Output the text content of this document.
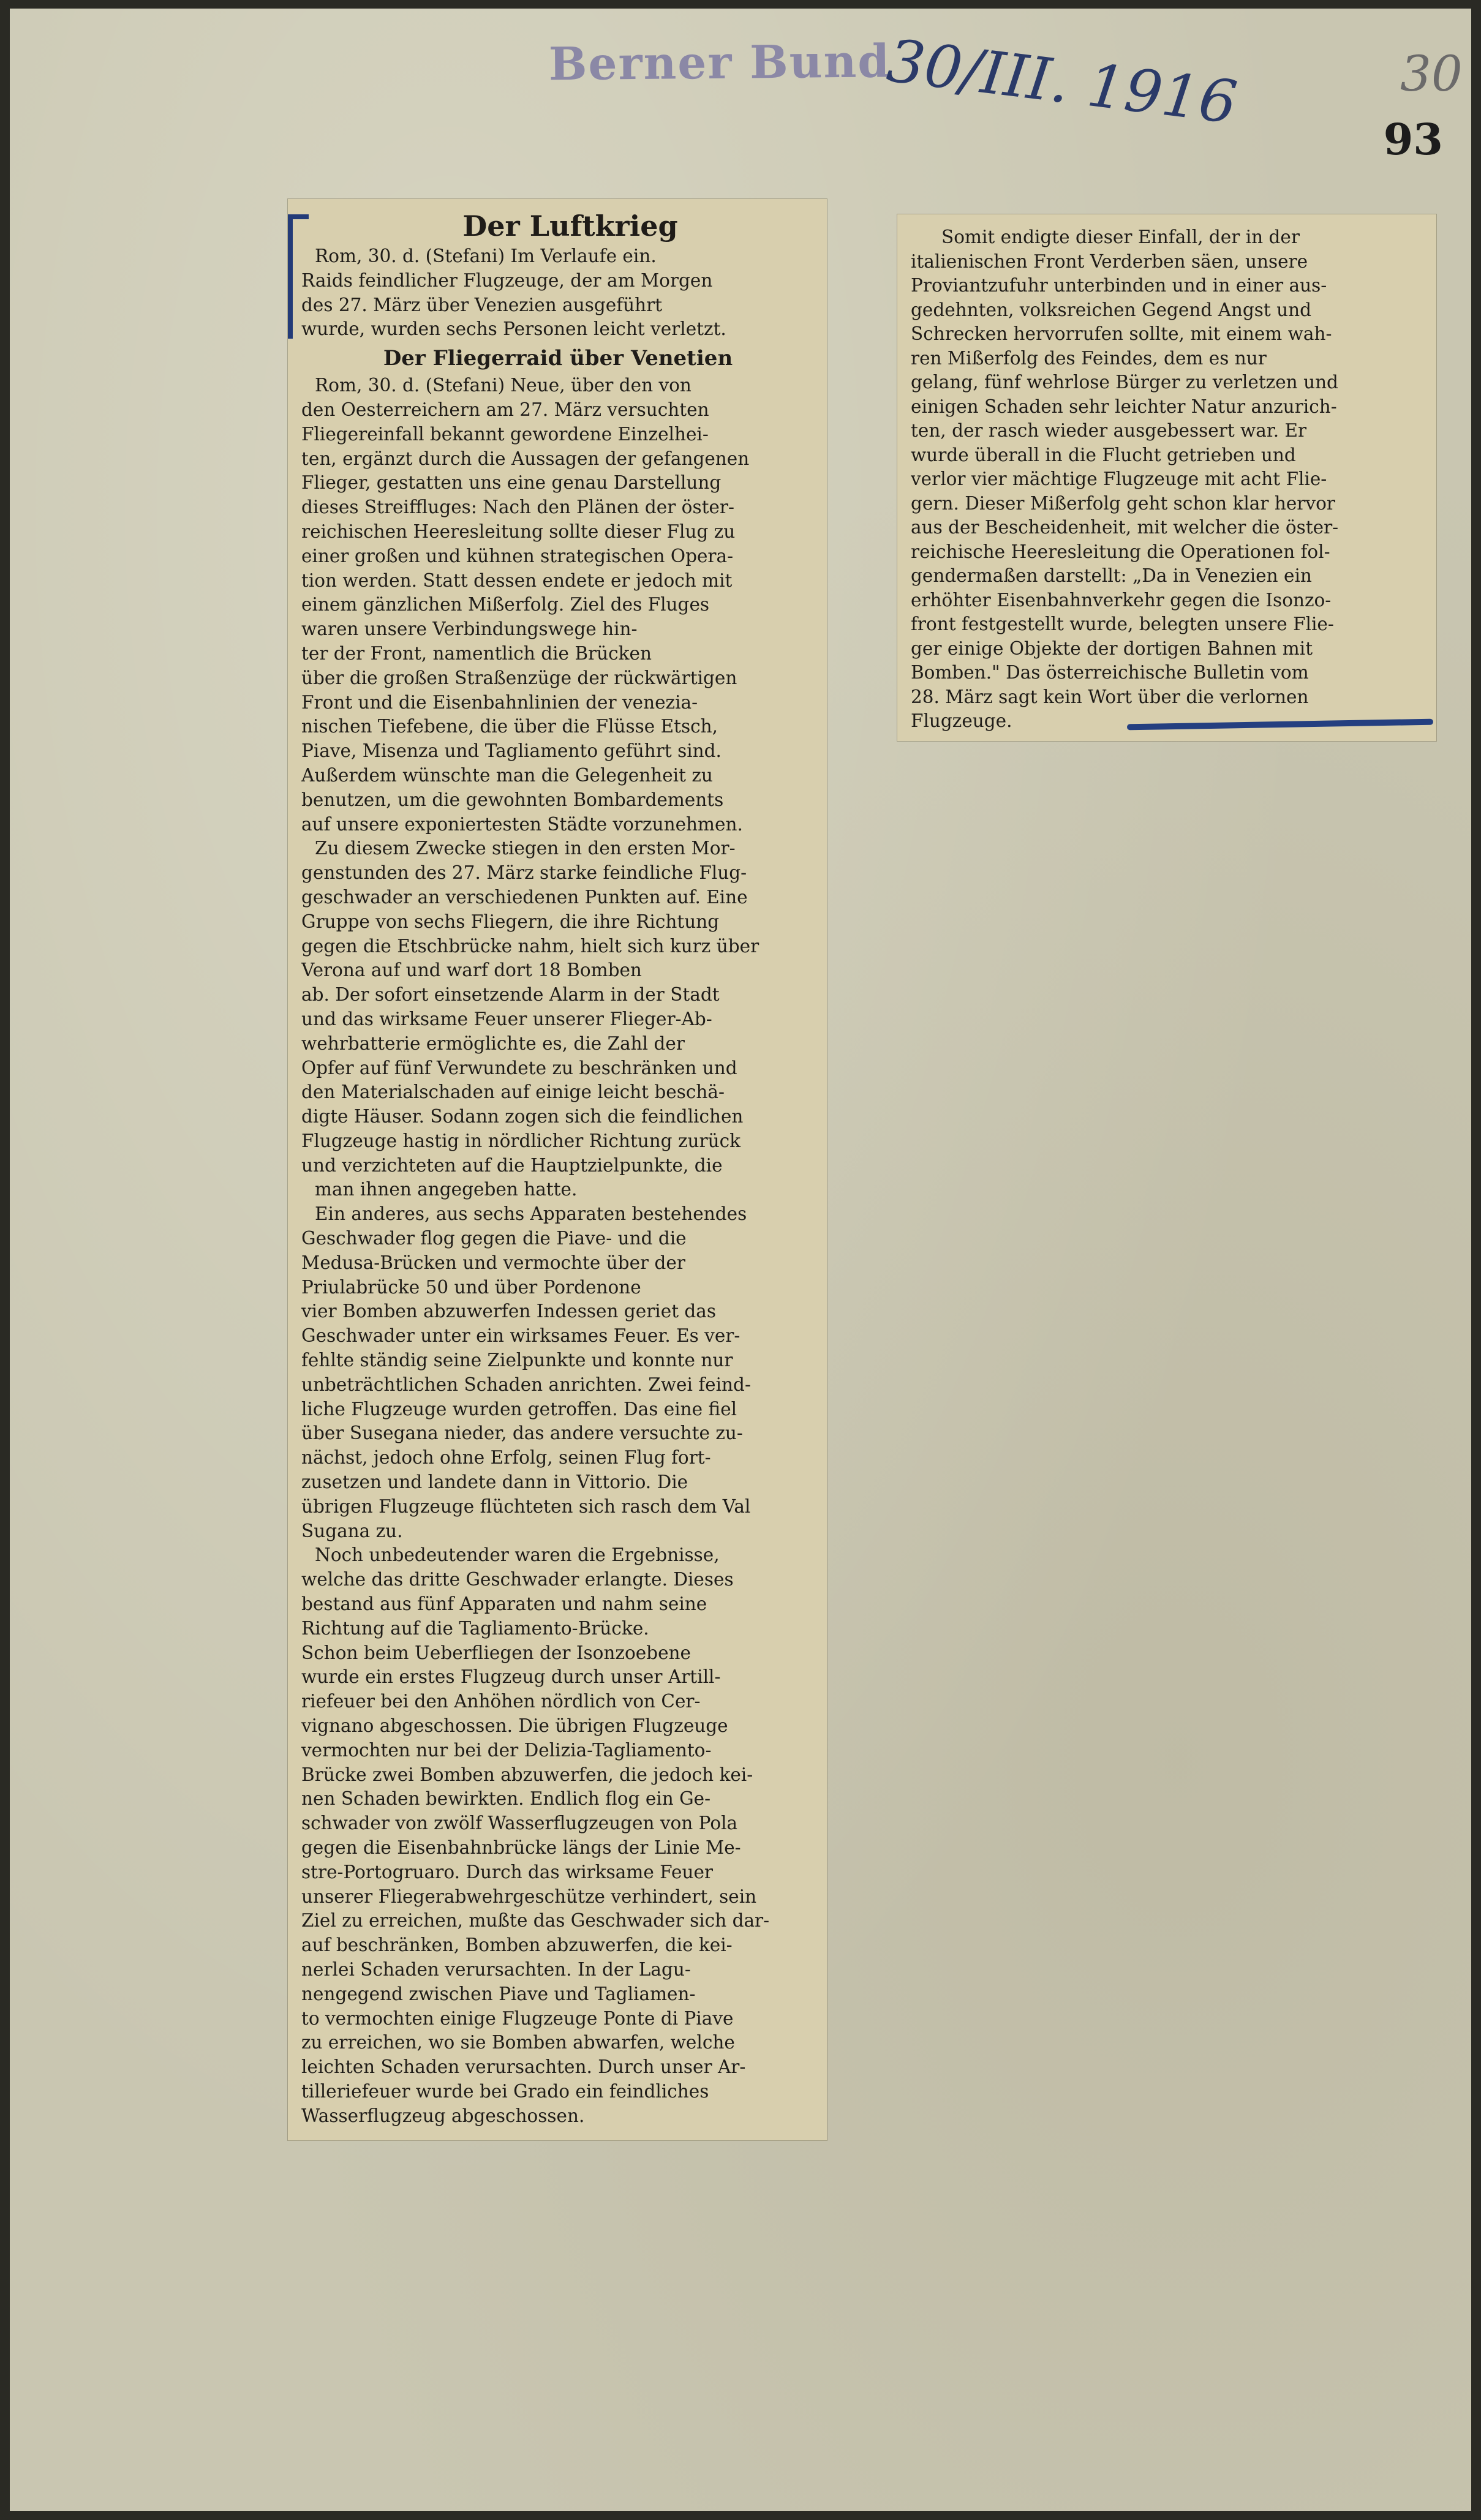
Berner Bund
30/III. 1916	30
93
Der Luftkrieg
Rom, 30. d. (Stefani) Im Verlaufe ein.
Raids feindlicher Flugzeuge, der am Morgen
des 27. März über Venezien ausgeführt
wurde, wurden sechs Personen leicht verletzt.
Der Fliegerraid über Venetien
Rom, 30. d. (Stefani) Neue, über den von
den Oesterreichern am 27. März versuchten
Fliegereinfall bekannt gewordene Einzelhei-
ten, ergänzt durch die Aussagen der gefangenen
Flieger, gestatten uns eine genau Darstellung
dieses Streiffluges: Nach den Plänen der öster-
reichischen Heeresleitung sollte dieser Flug zu
einer großen und kühnen strategischen Opera-
tion werden. Statt dessen endete er jedoch mit
einem gänzlichen Mißerfolg. Ziel des Fluges
waren unsere Verbindungswege hin-
ter der Front, namentlich die Brücken
über die großen Straßenzüge der rückwärtigen
Front und die Eisenbahnlinien der venezia-
nischen Tiefebene, die über die Flüsse Etsch,
Piave, Misenza und Tagliamento geführt sind.
Außerdem wünschte man die Gelegenheit zu
benutzen, um die gewohnten Bombardements
auf unsere exponiertesten Städte vorzunehmen.
Zu diesem Zwecke stiegen in den ersten Mor-
genstunden des 27. März starke feindliche Flug-
geschwader an verschiedenen Punkten auf. Eine
Gruppe von sechs Fliegern, die ihre Richtung
gegen die Etschbrücke nahm, hielt sich kurz über
Verona auf und warf dort 18 Bomben
ab. Der sofort einsetzende Alarm in der Stadt
und das wirksame Feuer unserer Flieger-Ab-
wehrbatterie ermöglichte es, die Zahl der
Opfer auf fünf Verwundete zu beschränken und
den Materialschaden auf einige leicht beschä-
digte Häuser. Sodann zogen sich die feindlichen
Flugzeuge hastig in nördlicher Richtung zurück
und verzichteten auf die Hauptzielpunkte, die
man ihnen angegeben hatte.
Ein anderes, aus sechs Apparaten bestehendes
Geschwader flog gegen die Piave- und die
Medusa-Brücken und vermochte über der
Priulabrücke 50 und über Pordenone
vier Bomben abzuwerfen Indessen geriet das
Geschwader unter ein wirksames Feuer. Es ver-
fehlte ständig seine Zielpunkte und konnte nur
unbeträchtlichen Schaden anrichten. Zwei feind-
liche Flugzeuge wurden getroffen. Das eine fiel
über Susegana nieder, das andere versuchte zu-
nächst, jedoch ohne Erfolg, seinen Flug fort-
zusetzen und landete dann in Vittorio. Die
übrigen Flugzeuge flüchteten sich rasch dem Val
Sugana zu.
Noch unbedeutender waren die Ergebnisse,
welche das dritte Geschwader erlangte. Dieses
bestand aus fünf Apparaten und nahm seine
Richtung auf die Tagliamento-Brücke.
Schon beim Ueberfliegen der Isonzoebene
wurde ein erstes Flugzeug durch unser Artill-
riefeuer bei den Anhöhen nördlich von Cer-
vignano abgeschossen. Die übrigen Flugzeuge
vermochten nur bei der Delizia-Tagliamento-
Brücke zwei Bomben abzuwerfen, die jedoch kei-
nen Schaden bewirkten. Endlich flog ein Ge-
schwader von zwölf Wasserflugzeugen von Pola
gegen die Eisenbahnbrücke längs der Linie Me-
stre-Portogruaro. Durch das wirksame Feuer
unserer Fliegerabwehrgeschütze verhindert, sein
Ziel zu erreichen, mußte das Geschwader sich dar-
auf beschränken, Bomben abzuwerfen, die kei-
nerlei Schaden verursachten. In der Lagu-
nengegend zwischen Piave und Tagliamen-
to vermochten einige Flugzeuge Ponte di Piave
zu erreichen, wo sie Bomben abwarfen, welche
leichten Schaden verursachten. Durch unser Ar-
tilleriefeuer wurde bei Grado ein feindliches
Wasserflugzeug abgeschossen.
Somit endigte dieser Einfall, der in der
italienischen Front Verderben säen, unsere
Proviantzufuhr unterbinden und in einer aus-
gedehnten, volksreichen Gegend Angst und
Schrecken hervorrufen sollte, mit einem wah-
ren Mißerfolg des Feindes, dem es nur
gelang, fünf wehrlose Bürger zu verletzen und
einigen Schaden sehr leichter Natur anzurich-
ten, der rasch wieder ausgebessert war. Er
wurde überall in die Flucht getrieben und
verlor vier mächtige Flugzeuge mit acht Flie-
gern. Dieser Mißerfolg geht schon klar hervor
aus der Bescheidenheit, mit welcher die öster-
reichische Heeresleitung die Operationen fol-
gendermaßen darstellt: „Da in Venezien ein
erhöhter Eisenbahnverkehr gegen die Isonzo-
front festgestellt wurde, belegten unsere Flie-
ger einige Objekte der dortigen Bahnen mit
Bomben." Das österreichische Bulletin vom
28. März sagt kein Wort über die verlornen
Flugzeuge.
